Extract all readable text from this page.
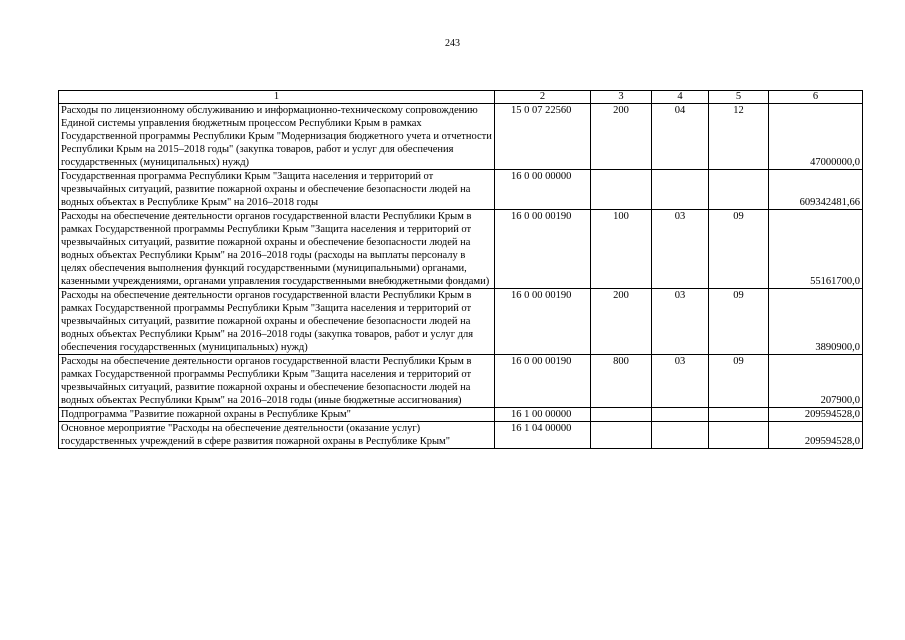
243
1	2	3	4	5	6
Расходы по лицензионному обслуживанию и информационно-техническому сопровождению Единой системы управления бюджетным процессом Республики Крым в рамках Государственной программы Республики Крым "Модернизация бюджетного учета и отчетности Республики Крым на 2015–2018 годы" (закупка товаров, работ и услуг для обеспечения государственных (муниципальных) нужд)	15 0 07 22560	200	04	12	47000000,0
Государственная программа Республики Крым "Защита населения и территорий от чрезвычайных ситуаций, развитие пожарной охраны и обеспечение безопасности людей на водных объектах в Республике Крым" на 2016–2018 годы	16 0 00 00000				609342481,66
Расходы на обеспечение деятельности органов государственной власти Республики Крым в рамках Государственной программы Республики Крым "Защита населения и территорий от чрезвычайных ситуаций, развитие пожарной охраны и обеспечение безопасности людей на водных объектах Республики Крым" на 2016–2018 годы (расходы на выплаты персоналу в целях обеспечения выполнения функций государственными (муниципальными) органами, казенными учреждениями, органами управления государственными внебюджетными фондами)	16 0 00 00190	100	03	09	55161700,0
Расходы на обеспечение деятельности органов государственной власти Республики Крым в рамках Государственной программы Республики Крым "Защита населения и территорий от чрезвычайных ситуаций, развитие пожарной охраны и обеспечение безопасности людей на водных объектах Республики Крым" на 2016–2018 годы (закупка товаров, работ и услуг для обеспечения государственных (муниципальных) нужд)	16 0 00 00190	200	03	09	3890900,0
Расходы на обеспечение деятельности органов государственной власти Республики Крым в рамках Государственной программы Республики Крым "Защита населения и территорий от чрезвычайных ситуаций, развитие пожарной охраны и обеспечение безопасности людей на водных объектах Республики Крым" на 2016–2018 годы (иные бюджетные ассигнования)	16 0 00 00190	800	03	09	207900,0
Подпрограмма "Развитие пожарной охраны в Республике Крым"	16 1 00 00000				209594528,0
Основное мероприятие "Расходы на обеспечение деятельности (оказание услуг) государственных учреждений в сфере развития пожарной охраны в Республике Крым"	16 1 04 00000				209594528,0
